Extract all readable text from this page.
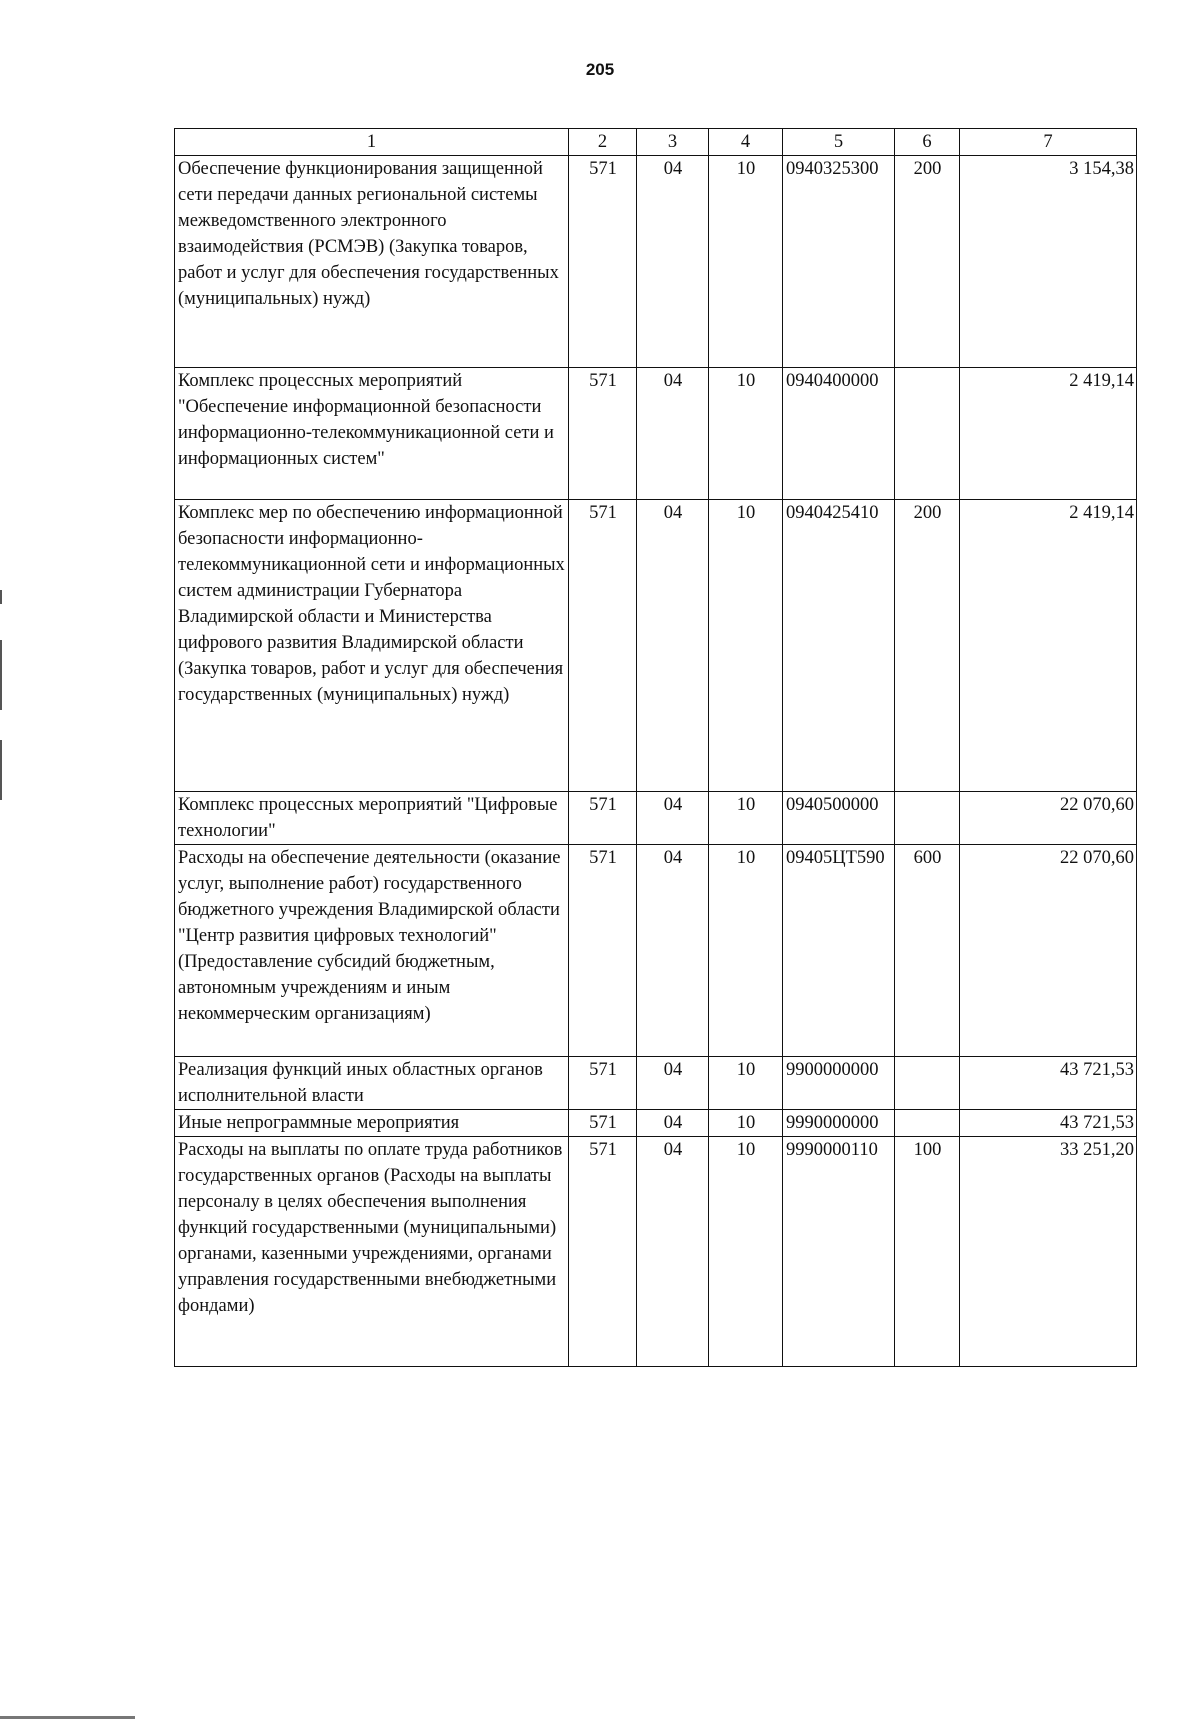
205
1	2	3	4	5	6	7
Обеспечение функционирования защищенной сети передачи данных региональной системы межведомственного электронного взаимодействия (РСМЭВ) (Закупка товаров, работ и услуг для обеспечения государственных (муниципальных) нужд)	571	04	10	0940325300	200	3 154,38
Комплекс процессных мероприятий "Обеспечение информационной безопасности информационно-телекоммуникационной сети и информационных систем"	571	04	10	0940400000		2 419,14
Комплекс мер по обеспечению информационной безопасности информационно-телекоммуникационной сети и информационных систем администрации Губернатора Владимирской области и Министерства цифрового развития Владимирской области (Закупка товаров, работ и услуг для обеспечения государственных (муниципальных) нужд)	571	04	10	0940425410	200	2 419,14
Комплекс процессных мероприятий "Цифровые технологии"	571	04	10	0940500000		22 070,60
Расходы на обеспечение деятельности (оказание услуг, выполнение работ) государственного бюджетного учреждения Владимирской области "Центр развития цифровых технологий" (Предоставление субсидий бюджетным, автономным учреждениям и иным некоммерческим организациям)	571	04	10	09405ЦТ590	600	22 070,60
Реализация функций иных областных органов исполнительной власти	571	04	10	9900000000		43 721,53
Иные непрограммные мероприятия	571	04	10	9990000000		43 721,53
Расходы на выплаты по оплате труда работников государственных органов (Расходы на выплаты персоналу в целях обеспечения выполнения функций государственными (муниципальными) органами, казенными учреждениями, органами управления государственными внебюджетными фондами)	571	04	10	9990000110	100	33 251,20
